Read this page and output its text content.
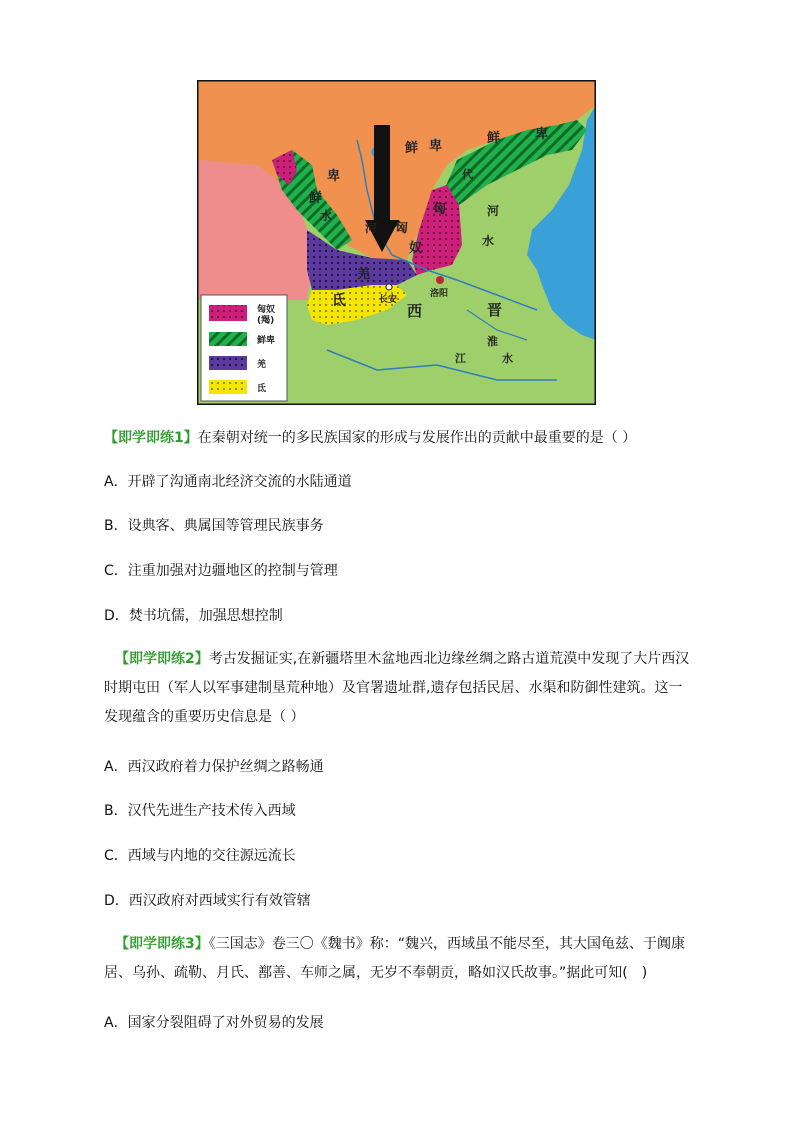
鲜 卑
鲜
卑
鲜	卑
河
水
匈
奴
匈
代
河
水
羌
氐	长安
洛阳
西	晋
淮
水
江
匈奴
(羯)
鲜卑
羌
氐
【即学即练1】在秦朝对统一的多民族国家的形成与发展作出的贡献中最重要的是（ ）
A．开辟了沟通南北经济交流的水陆通道
B．设典客、典属国等管理民族事务
C．注重加强对边疆地区的控制与管理
D．焚书坑儒，加强思想控制
【即学即练2】考古发掘证实,在新疆塔里木盆地西北边缘丝绸之路古道荒漠中发现了大片西汉时期屯田（军人以军事建制垦荒种地）及官署遗址群,遗存包括民居、水渠和防御性建筑。这一发现蕴含的重要历史信息是（ ）
A．西汉政府着力保护丝绸之路畅通
B．汉代先进生产技术传入西域
C．西域与内地的交往源远流长
D．西汉政府对西域实行有效管辖
【即学即练3】《三国志》卷三〇《魏书》称：“魏兴，西域虽不能尽至，其大国龟兹、于阗康居、乌孙、疏勒、月氏、鄯善、车师之属，无岁不奉朝贡，略如汉氏故事。”据此可知(　)
A．国家分裂阻碍了对外贸易的发展
